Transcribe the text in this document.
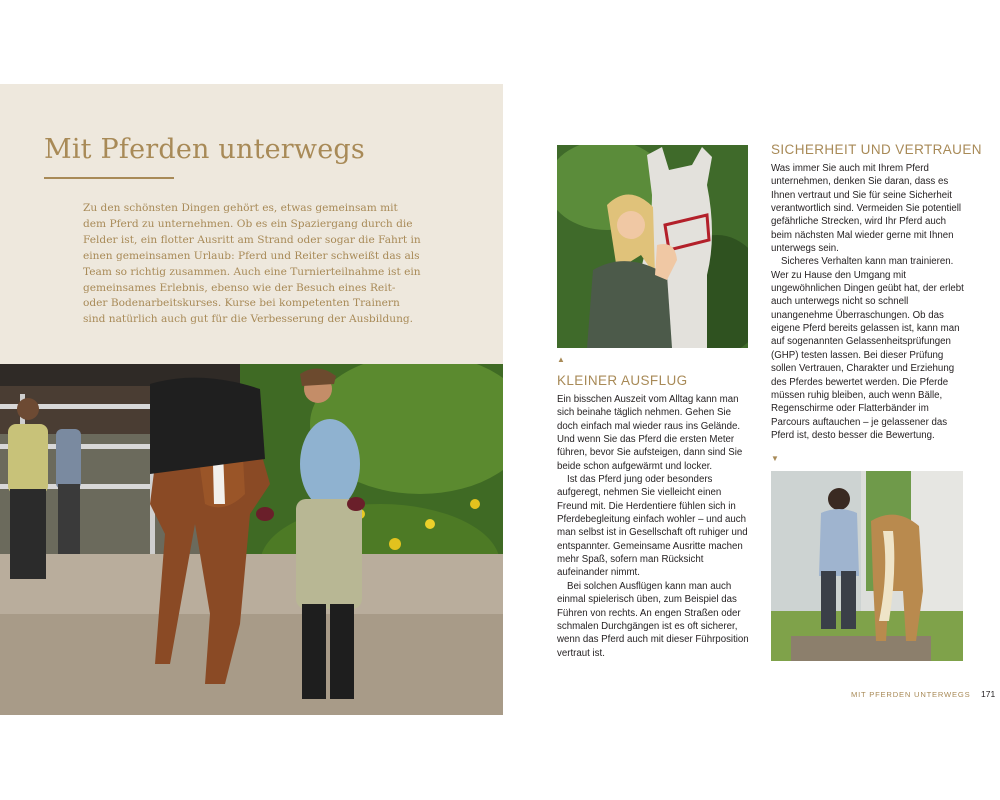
Mit Pferden unterwegs

Zu den schönsten Dingen gehört es, etwas gemeinsam mit dem Pferd zu unternehmen. Ob es ein Spaziergang durch die Felder ist, ein flotter Ausritt am Strand oder sogar die Fahrt in einen gemeinsamen Urlaub: Pferd und Reiter schweißt das als Team so richtig zusammen. Auch eine Turnierteilnahme ist ein gemeinsames Erlebnis, ebenso wie der Besuch eines Reit- oder Bodenarbeitskurses. Kurse bei kompetenten Trainern sind natürlich auch gut für die Verbesserung der Ausbildung.

▲
KLEINER AUSFLUG

Ein bisschen Auszeit vom Alltag kann man sich beinahe täglich nehmen. Gehen Sie doch einfach mal wieder raus ins Gelände. Und wenn Sie das Pferd die ersten Meter führen, bevor Sie aufsteigen, dann sind Sie beide schon aufgewärmt und locker.

Ist das Pferd jung oder besonders aufgeregt, nehmen Sie vielleicht einen Freund mit. Die Herdentiere fühlen sich in Pferdebegleitung einfach wohler – und auch man selbst ist in Gesellschaft oft ruhiger und entspannter. Gemeinsame Ausritte machen mehr Spaß, sofern man Rücksicht aufeinander nimmt.

Bei solchen Ausflügen kann man auch einmal spielerisch üben, zum Beispiel das Führen von rechts. An engen Straßen oder schmalen Durchgängen ist es oft sicherer, wenn das Pferd auch mit dieser Führposition vertraut ist.

SICHERHEIT UND VERTRAUEN

Was immer Sie auch mit Ihrem Pferd unternehmen, denken Sie daran, dass es Ihnen vertraut und Sie für seine Sicherheit verantwortlich sind. Vermeiden Sie potentiell gefährliche Strecken, wird Ihr Pferd auch beim nächsten Mal wieder gerne mit Ihnen unterwegs sein.

Sicheres Verhalten kann man trainieren. Wer zu Hause den Umgang mit ungewöhnlichen Dingen geübt hat, der erlebt auch unterwegs nicht so schnell unangenehme Überraschungen. Ob das eigene Pferd bereits gelassen ist, kann man auf sogenannten Gelassenheitsprüfungen (GHP) testen lassen. Bei dieser Prüfung sollen Vertrauen, Charakter und Erziehung des Pferdes bewertet werden. Die Pferde müssen ruhig bleiben, auch wenn Bälle, Regenschirme oder Flatterbänder im Parcours auftauchen – je gelassener das Pferd ist, desto besser die Bewertung.

▼
MIT PFERDEN UNTERWEGS 171
